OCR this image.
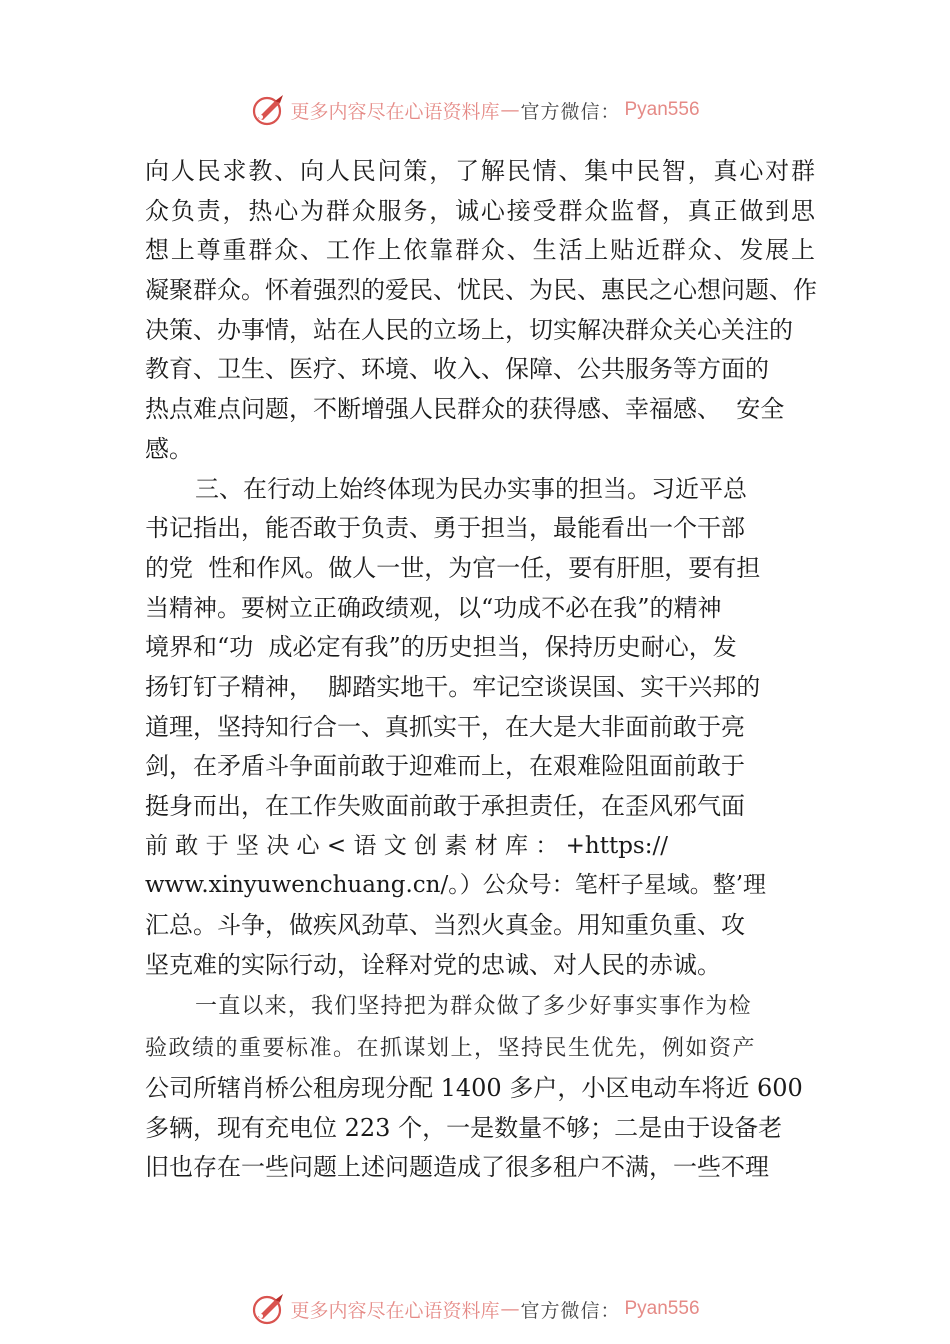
更多内容尽在心语资料库 — 官方微信： Pyan556
向人民求教、向人民问策，了解民情、集中民智，真心对群
众负责，热心为群众服务，诚心接受群众监督，真正做到思
想上尊重群众、工作上依靠群众、生活上贴近群众、发展上
凝聚群众。怀着强烈的爱民、忧民、为民、惠民之心想问题、作
决策、办事情，站在人民的立场上，切实解决群众关心关注的
教育、卫生、医疗、环境、收入、保障、公共服务等方面的
热点难点问题，不断增强人民群众的获得感、幸福感、  安全
感。
三、在行动上始终体现为民办实事的担当。习近平总
书记指出，能否敢于负责、勇于担当，最能看出一个干部
的党  性和作风。做人一世，为官一任，要有肝胆，要有担
当精神。要树立正确政绩观，以“功成不必在我”的精神
境界和“功  成必定有我”的历史担当，保持历史耐心，发
扬钉钉子精神，  脚踏实地干。牢记空谈误国、实干兴邦的
道理，坚持知行合一、真抓实干，在大是大非面前敢于亮
剑，在矛盾斗争面前敢于迎难而上，在艰难险阻面前敢于
挺身而出，在工作失败面前敢于承担责任，在歪风邪气面
前 敢 于 坚 决 心 < 语 文 创 素 材 库 ： +https://
www.xinyuwenchuang.cn/。）公众号：笔杆子星域。整’理
汇总。斗争，做疾风劲草、当烈火真金。用知重负重、攻
坚克难的实际行动，诠释对党的忠诚、对人民的赤诚。
一直以来，我们坚持把为群众做了多少好事实事作为检
验政绩的重要标准。在抓谋划上，坚持民生优先，例如资产
公司所辖肖桥公租房现分配 1400 多户，小区电动车将近 600
多辆，现有充电位 223 个，一是数量不够；二是由于设备老
旧也存在一些问题上述问题造成了很多租户不满，一些不理
更多内容尽在心语资料库 — 官方微信： Pyan556
